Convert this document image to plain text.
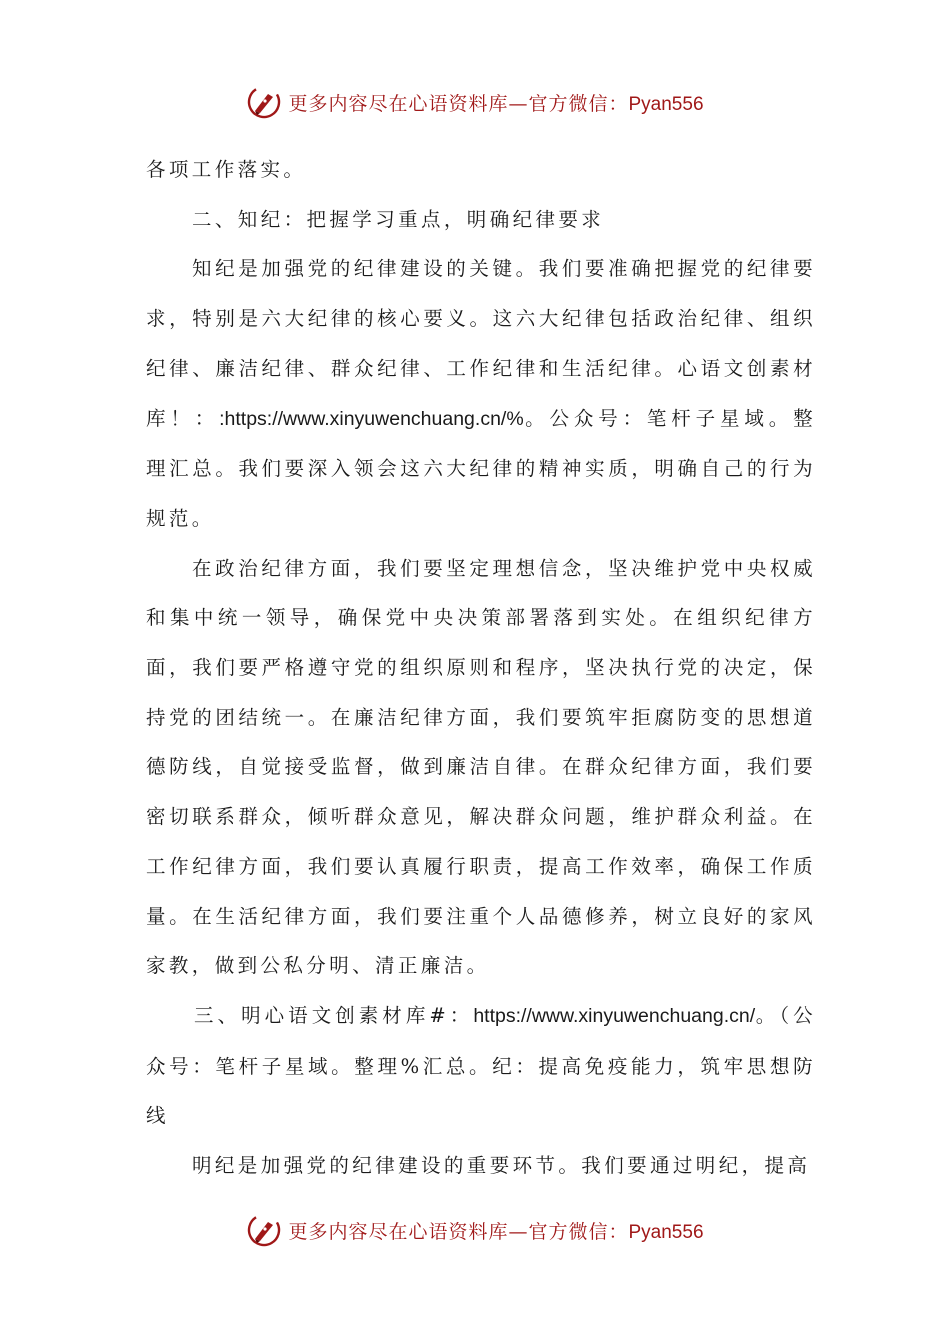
更多内容尽在心语资料库—官方微信：Pyan556

各项工作落实。

二、知纪：把握学习重点，明确纪律要求

知纪是加强党的纪律建设的关键。我们要准确把握党的纪律要求，特别是六大纪律的核心要义。这六大纪律包括政治纪律、组织纪律、廉洁纪律、群众纪律、工作纪律和生活纪律。心语文创素材库！：:https://www.xinyuwenchuang.cn/%。公众号：笔杆子星域。整理汇总。我们要深入领会这六大纪律的精神实质，明确自己的行为规范。

在政治纪律方面，我们要坚定理想信念，坚决维护党中央权威和集中统一领导，确保党中央决策部署落到实处。在组织纪律方面，我们要严格遵守党的组织原则和程序，坚决执行党的决定，保持党的团结统一。在廉洁纪律方面，我们要筑牢拒腐防变的思想道德防线，自觉接受监督，做到廉洁自律。在群众纪律方面，我们要密切联系群众，倾听群众意见，解决群众问题，维护群众利益。在工作纪律方面，我们要认真履行职责，提高工作效率，确保工作质量。在生活纪律方面，我们要注重个人品德修养，树立良好的家风家教，做到公私分明、清正廉洁。

三、明心语文创素材库#：https://www.xinyuwenchuang.cn/。（公众号：笔杆子星域。整理%汇总。纪：提高免疫能力，筑牢思想防线

明纪是加强党的纪律建设的重要环节。我们要通过明纪，提高

更多内容尽在心语资料库—官方微信：Pyan556
